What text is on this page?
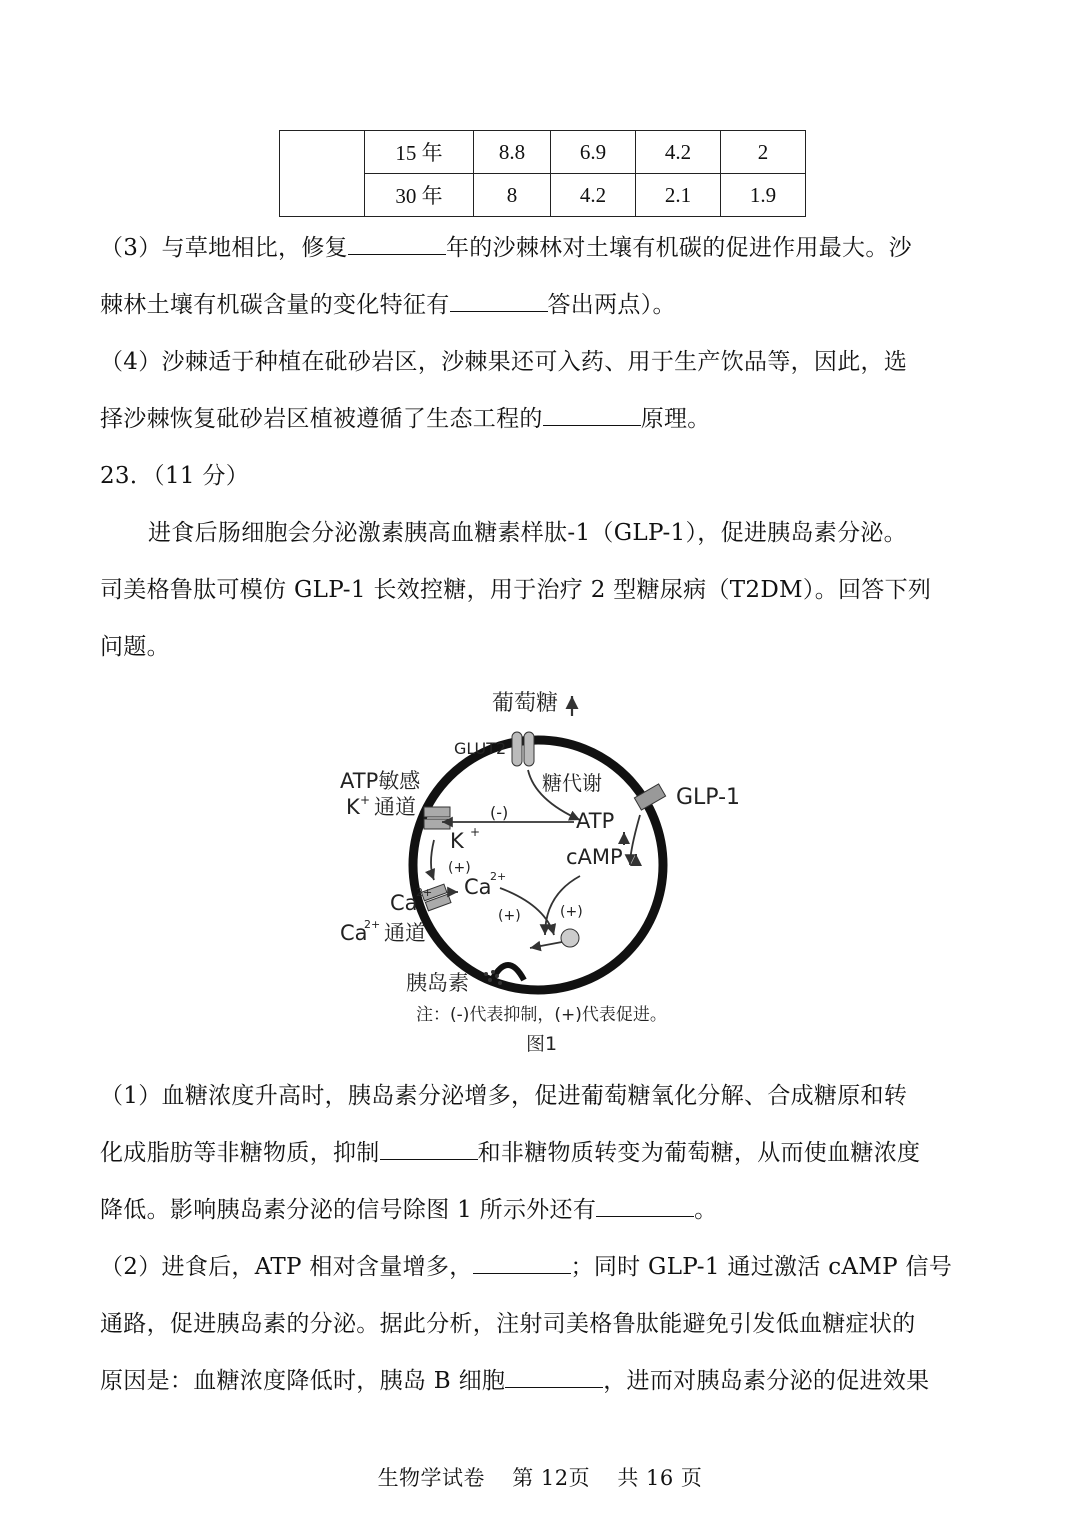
	15 年	8.8	6.9	4.2	2
	30 年	8	4.2	2.1	1.9
（3）与草地相比，修复	年的沙棘林对土壤有机碳的促进作用最大。沙
棘林土壤有机碳含量的变化特征有	答出两点）。
（4）沙棘适于种植在砒砂岩区，沙棘果还可入药、用于生产饮品等，因此，选
择沙棘恢复砒砂岩区植被遵循了生态工程的	原理。
23．（11 分）
进食后肠细胞会分泌激素胰高血糖素样肽-1（GLP-1），促进胰岛素分泌。
司美格鲁肽可模仿 GLP-1 长效控糖，用于治疗 2 型糖尿病（T2DM）。回答下列
问题。
葡萄糖
GLUT2
糖代谢
ATP敏感
K + 通道	(-)	ATP
GLP-1
K +
(+)	cAMP
Ca
2+ Ca
2+
(+)	(+)
Ca
2+ 通道
胰岛素
注：(-)代表抑制，(+)代表促进。
图1
（1）血糖浓度升高时，胰岛素分泌增多，促进葡萄糖氧化分解、合成糖原和转
化成脂肪等非糖物质，抑制	和非糖物质转变为葡萄糖，从而使血糖浓度
降低。影响胰岛素分泌的信号除图 1 所示外还有	。
（2）进食后，ATP 相对含量增多，	；同时 GLP-1 通过激活 cAMP 信号
通路，促进胰岛素的分泌。据此分析，注射司美格鲁肽能避免引发低血糖症状的
原因是：血糖浓度降低时，胰岛 B 细胞	，进而对胰岛素分泌的促进效果
生物学试卷 第 12页 共 16 页
